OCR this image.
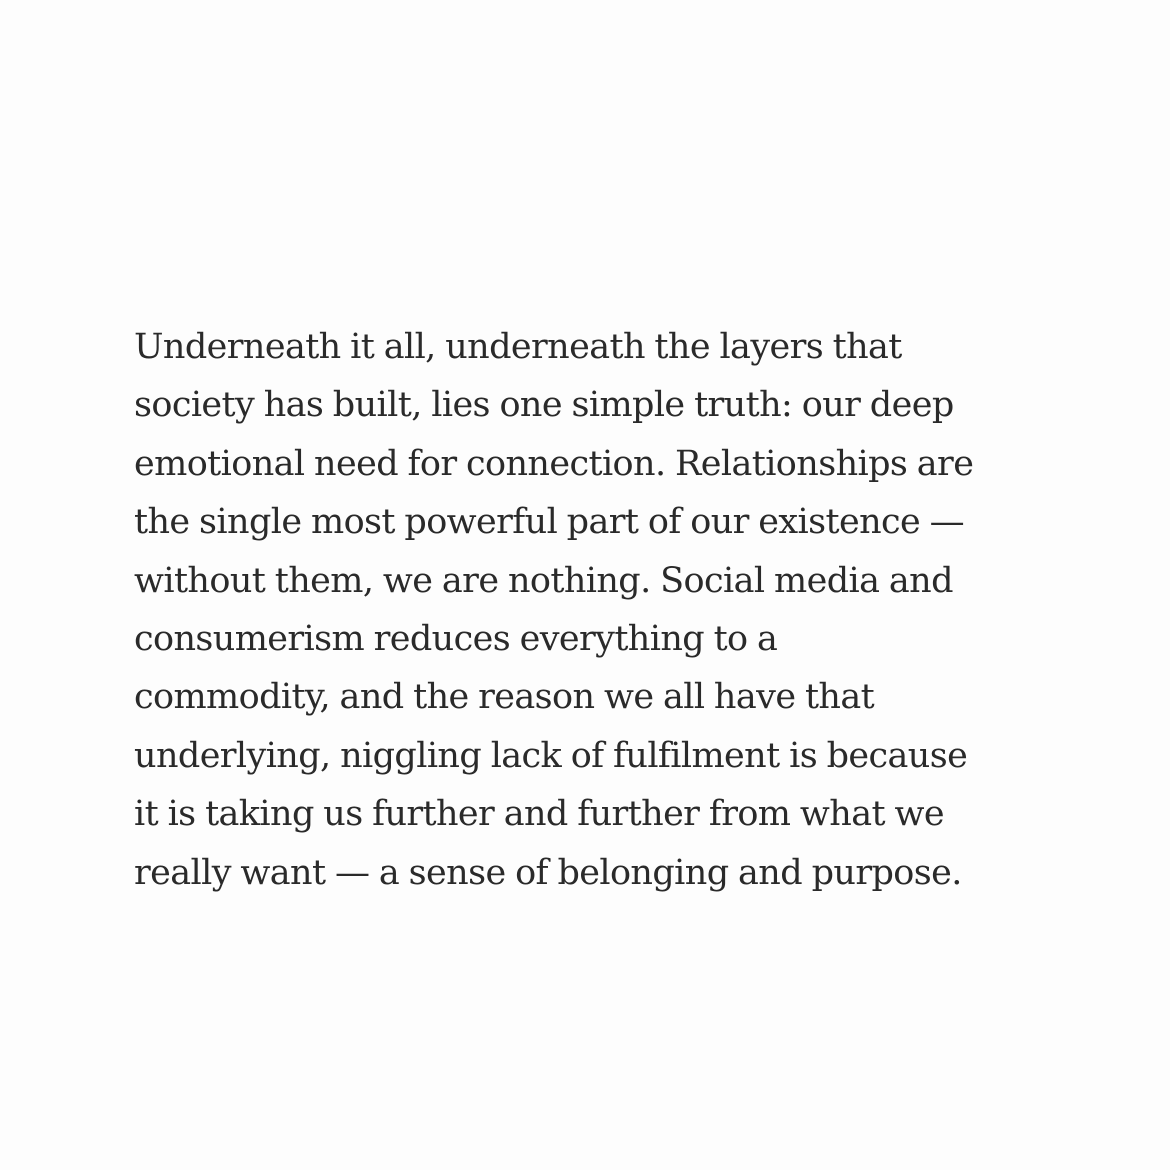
Underneath it all, underneath the layers that
society has built, lies one simple truth: our deep
emotional need for connection. Relationships are
the single most powerful part of our existence —
without them, we are nothing. Social media and
consumerism reduces everything to a
commodity, and the reason we all have that
underlying, niggling lack of fulfilment is because
it is taking us further and further from what we
really want — a sense of belonging and purpose.
